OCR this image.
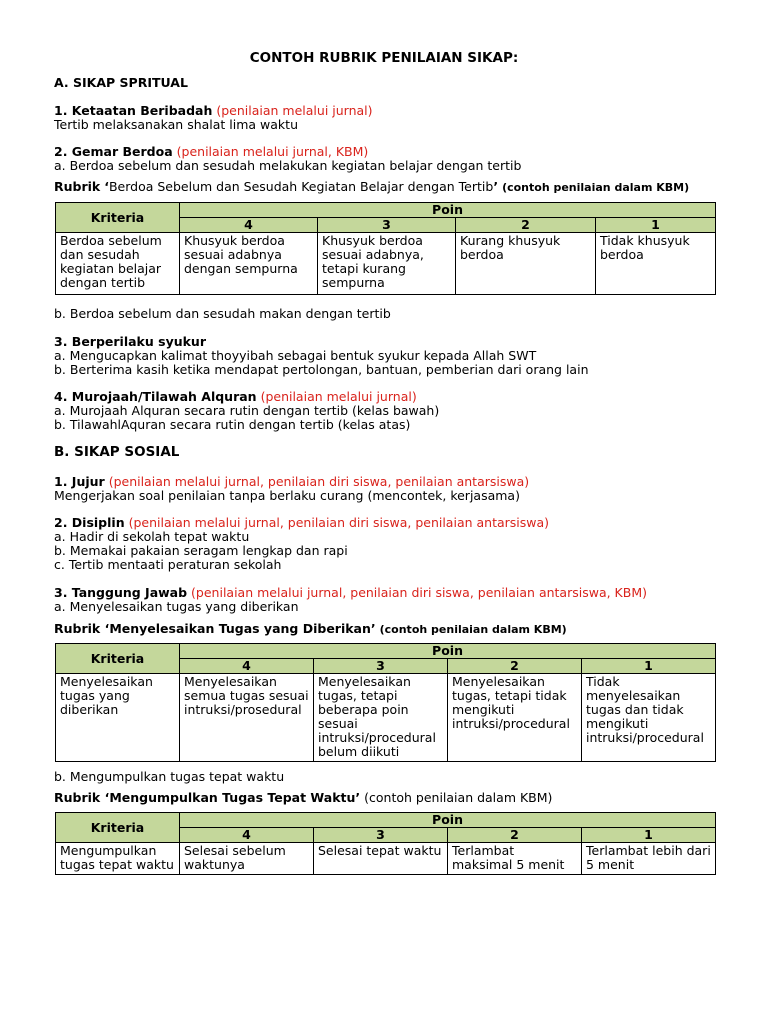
CONTOH RUBRIK PENILAIAN SIKAP:
A. SIKAP SPRITUAL
1. Ketaatan Beribadah (penilaian melalui jurnal)
Tertib melaksanakan shalat lima waktu
2. Gemar Berdoa (penilaian melalui jurnal, KBM)
a. Berdoa sebelum dan sesudah melakukan kegiatan belajar dengan tertib
Rubrik ‘Berdoa Sebelum dan Sesudah Kegiatan Belajar dengan Tertib’ (contoh penilaian dalam KBM)
Kriteria	Poin			
	4	3	2	1
Berdoa sebelum dan sesudah kegiatan belajar dengan tertib	Khusyuk berdoa sesuai adabnya dengan sempurna	Khusyuk berdoa sesuai adabnya, tetapi kurang sempurna	Kurang khusyuk berdoa	Tidak khusyuk berdoa
b. Berdoa sebelum dan sesudah makan dengan tertib
3. Berperilaku syukur
a. Mengucapkan kalimat thoyyibah sebagai bentuk syukur kepada Allah SWT
b. Berterima kasih ketika mendapat pertolongan, bantuan, pemberian dari orang lain
4. Murojaah/Tilawah Alquran (penilaian melalui jurnal)
a. Murojaah Alquran secara rutin dengan tertib (kelas bawah)
b. TilawahlAquran secara rutin dengan tertib (kelas atas)
B. SIKAP SOSIAL
1. Jujur (penilaian melalui jurnal, penilaian diri siswa, penilaian antarsiswa)
Mengerjakan soal penilaian tanpa berlaku curang (mencontek, kerjasama)
2. Disiplin (penilaian melalui jurnal, penilaian diri siswa, penilaian antarsiswa)
a. Hadir di sekolah tepat waktu
b. Memakai pakaian seragam lengkap dan rapi
c. Tertib mentaati peraturan sekolah
3. Tanggung Jawab (penilaian melalui jurnal, penilaian diri siswa, penilaian antarsiswa, KBM)
a. Menyelesaikan tugas yang diberikan
Rubrik ‘Menyelesaikan Tugas yang Diberikan’ (contoh penilaian dalam KBM)
Kriteria	Poin			
	4	3	2	1
Menyelesaikan tugas yang diberikan	Menyelesaikan semua tugas sesuai intruksi/prosedural	Menyelesaikan tugas, tetapi beberapa poin sesuai intruksi/procedural belum diikuti	Menyelesaikan tugas, tetapi tidak mengikuti intruksi/procedural	Tidak menyelesaikan tugas dan tidak mengikuti intruksi/procedural
b. Mengumpulkan tugas tepat waktu
Rubrik ‘Mengumpulkan Tugas Tepat Waktu’ (contoh penilaian dalam KBM)
Kriteria	Poin			
	4	3	2	1
Mengumpulkan tugas tepat waktu	Selesai sebelum waktunya	Selesai tepat waktu	Terlambat maksimal 5 menit	Terlambat lebih dari 5 menit
